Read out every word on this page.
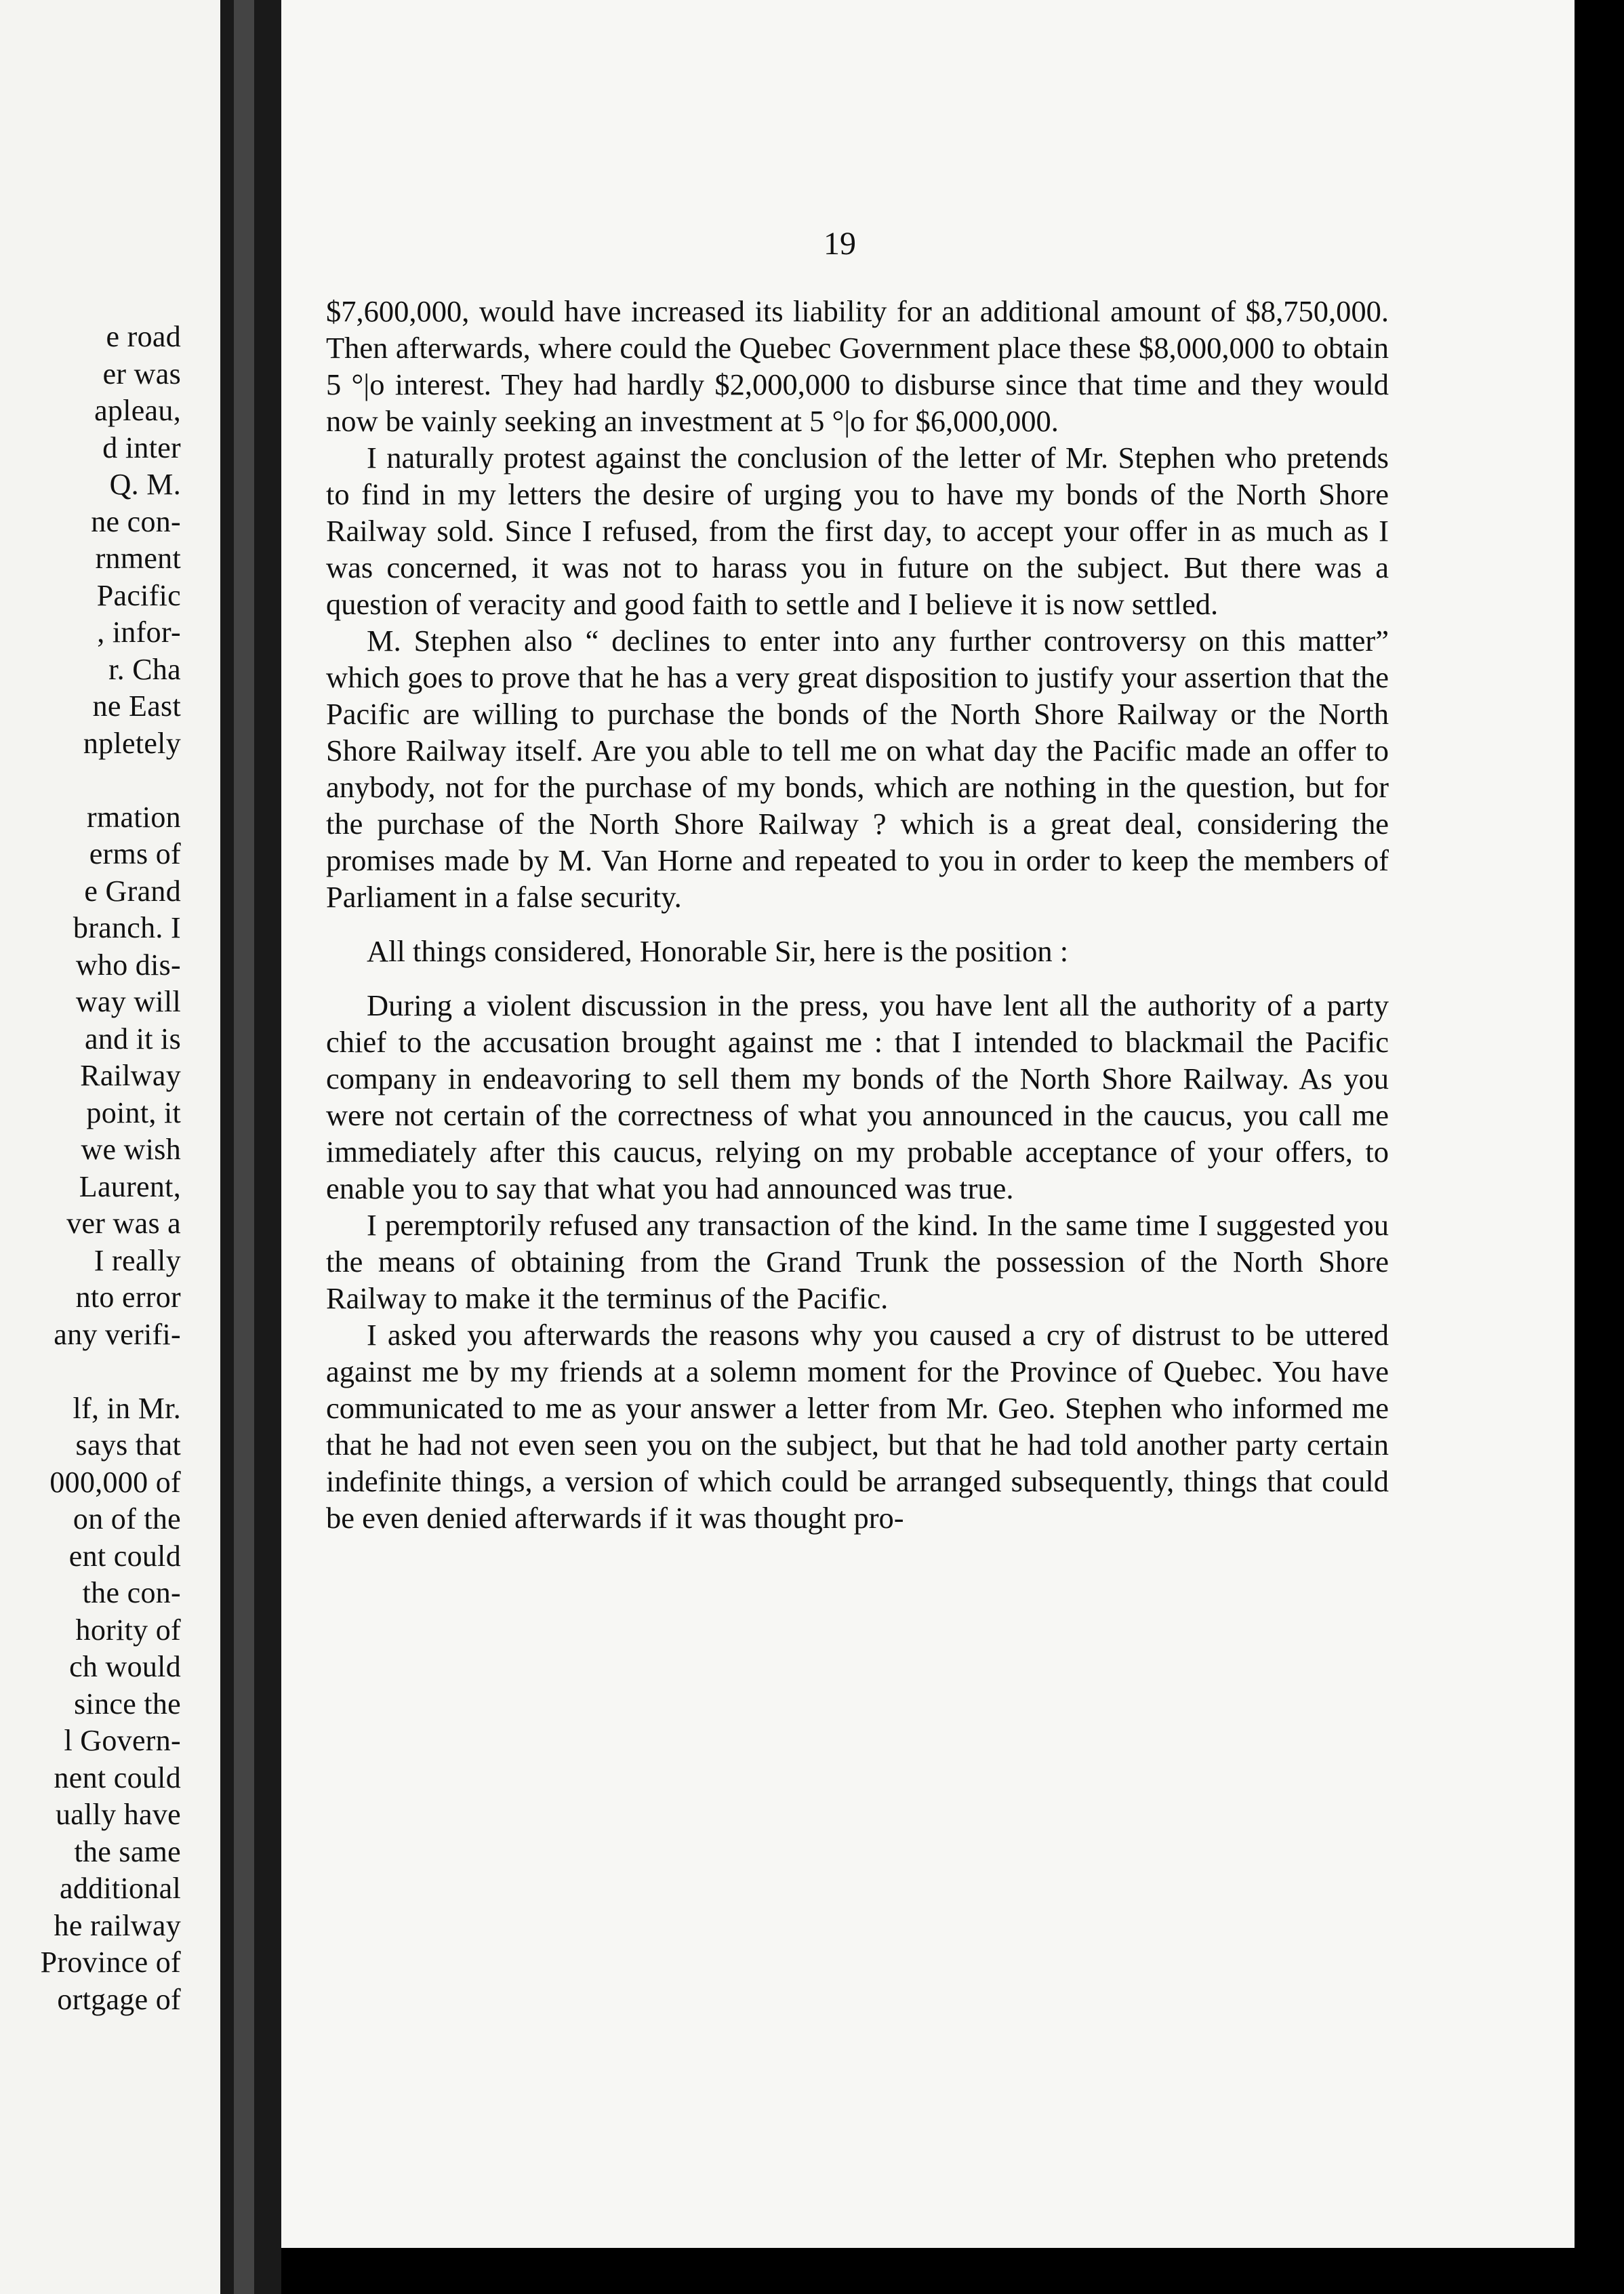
e road
er was
apleau,
d inter
Q. M.
ne con-
rnment
Pacific
, infor-
r. Cha
ne East
npletely

rmation
erms of
e Grand
branch. I
who dis-
way will
and it is
Railway
point, it
we wish
Laurent,
ver was a
I really
nto error
any verifi-

lf, in Mr.
says that
000,000 of
on of the
ent could
the con-
hority of
ch would
since the
l Govern-
nent could
ually have
the same
additional
he railway
Province of
ortgage of
19

$7,600,000, would have increased its liability for an additional amount of $8,750,000. Then afterwards, where could the Quebec Government place these $8,000,000 to obtain 5 °|o interest. They had hardly $2,000,000 to disburse since that time and they would now be vainly seeking an investment at 5 °|o for $6,000,000.

I naturally protest against the conclusion of the letter of Mr. Stephen who pretends to find in my letters the desire of urging you to have my bonds of the North Shore Railway sold. Since I refused, from the first day, to accept your offer in as much as I was concerned, it was not to harass you in future on the subject. But there was a question of veracity and good faith to settle and I believe it is now settled.

M. Stephen also “ declines to enter into any further controversy on this matter” which goes to prove that he has a very great disposition to justify your assertion that the Pacific are willing to purchase the bonds of the North Shore Railway or the North Shore Railway itself. Are you able to tell me on what day the Pacific made an offer to anybody, not for the purchase of my bonds, which are nothing in the question, but for the purchase of the North Shore Railway ? which is a great deal, considering the promises made by M. Van Horne and repeated to you in order to keep the members of Parliament in a false security.

All things considered, Honorable Sir, here is the position :

During a violent discussion in the press, you have lent all the authority of a party chief to the accusation brought against me : that I intended to blackmail the Pacific company in endeavoring to sell them my bonds of the North Shore Railway. As you were not certain of the correctness of what you announced in the caucus, you call me immediately after this caucus, relying on my probable acceptance of your offers, to enable you to say that what you had announced was true.

I peremptorily refused any transaction of the kind. In the same time I suggested you the means of obtaining from the Grand Trunk the possession of the North Shore Railway to make it the terminus of the Pacific.

I asked you afterwards the reasons why you caused a cry of distrust to be uttered against me by my friends at a solemn moment for the Province of Quebec. You have communicated to me as your answer a letter from Mr. Geo. Stephen who informed me that he had not even seen you on the subject, but that he had told another party certain indefinite things, a version of which could be arranged subsequently, things that could be even denied afterwards if it was thought pro-
